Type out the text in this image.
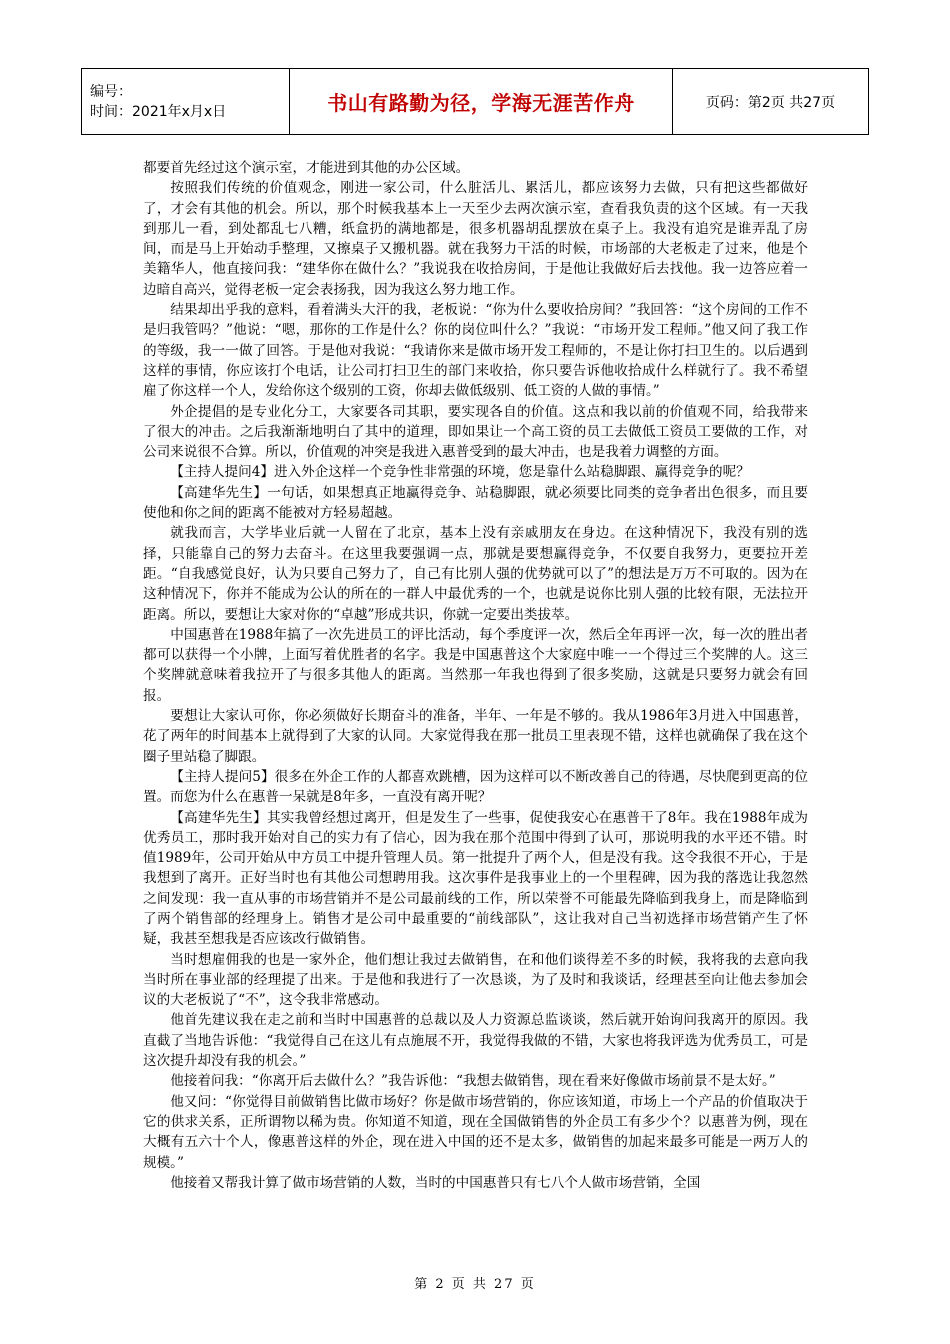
编号：
时间：2021年x月x日	书山有路勤为径，学海无涯苦作舟	页码：第2页 共27页

都要首先经过这个演示室，才能进到其他的办公区域。

按照我们传统的价值观念，刚进一家公司，什么脏活儿、累活儿，都应该努力去做，只有把这些都做好了，才会有其他的机会。所以，那个时候我基本上一天至少去两次演示室，查看我负责的这个区域。有一天我到那儿一看，到处都乱七八糟，纸盒扔的满地都是，很多机器胡乱摆放在桌子上。我没有追究是谁弄乱了房间，而是马上开始动手整理，又擦桌子又搬机器。就在我努力干活的时候，市场部的大老板走了过来，他是个美籍华人，他直接问我：“建华你在做什么？”我说我在收拾房间，于是他让我做好后去找他。我一边答应着一边暗自高兴，觉得老板一定会表扬我，因为我这么努力地工作。

结果却出乎我的意料，看着满头大汗的我，老板说：“你为什么要收拾房间？”我回答：“这个房间的工作不是归我管吗？”他说：“嗯，那你的工作是什么？你的岗位叫什么？”我说：“市场开发工程师。”他又问了我工作的等级，我一一做了回答。于是他对我说：“我请你来是做市场开发工程师的，不是让你打扫卫生的。以后遇到这样的事情，你应该打个电话，让公司打扫卫生的部门来收拾，你只要告诉他收拾成什么样就行了。我不希望雇了你这样一个人，发给你这个级别的工资，你却去做低级别、低工资的人做的事情。”

外企提倡的是专业化分工，大家要各司其职，要实现各自的价值。这点和我以前的价值观不同，给我带来了很大的冲击。之后我渐渐地明白了其中的道理，即如果让一个高工资的员工去做低工资员工要做的工作，对公司来说很不合算。所以，价值观的冲突是我进入惠普受到的最大冲击，也是我着力调整的方面。

【主持人提问4】进入外企这样一个竞争性非常强的环境，您是靠什么站稳脚跟、赢得竞争的呢？

【高建华先生】一句话，如果想真正地赢得竞争、站稳脚跟，就必须要比同类的竞争者出色很多，而且要使他和你之间的距离不能被对方轻易超越。

就我而言，大学毕业后就一人留在了北京，基本上没有亲戚朋友在身边。在这种情况下，我没有别的选择，只能靠自己的努力去奋斗。在这里我要强调一点，那就是要想赢得竞争，不仅要自我努力，更要拉开差距。“自我感觉良好，认为只要自己努力了，自己有比别人强的优势就可以了”的想法是万万不可取的。因为在这种情况下，你并不能成为公认的所在的一群人中最优秀的一个，也就是说你比别人强的比较有限，无法拉开距离。所以，要想让大家对你的“卓越”形成共识，你就一定要出类拔萃。

中国惠普在1988年搞了一次先进员工的评比活动，每个季度评一次，然后全年再评一次，每一次的胜出者都可以获得一个小牌，上面写着优胜者的名字。我是中国惠普这个大家庭中唯一一个得过三个奖牌的人。这三个奖牌就意味着我拉开了与很多其他人的距离。当然那一年我也得到了很多奖励，这就是只要努力就会有回报。

要想让大家认可你，你必须做好长期奋斗的准备，半年、一年是不够的。我从1986年3月进入中国惠普，花了两年的时间基本上就得到了大家的认同。大家觉得我在那一批员工里表现不错，这样也就确保了我在这个圈子里站稳了脚跟。

【主持人提问5】很多在外企工作的人都喜欢跳槽，因为这样可以不断改善自己的待遇，尽快爬到更高的位置。而您为什么在惠普一呆就是8年多，一直没有离开呢？

【高建华先生】其实我曾经想过离开，但是发生了一些事，促使我安心在惠普干了8年。我在1988年成为优秀员工，那时我开始对自己的实力有了信心，因为我在那个范围中得到了认可，那说明我的水平还不错。时值1989年，公司开始从中方员工中提升管理人员。第一批提升了两个人，但是没有我。这令我很不开心，于是我想到了离开。正好当时也有其他公司想聘用我。这次事件是我事业上的一个里程碑，因为我的落选让我忽然之间发现：我一直从事的市场营销并不是公司最前线的工作，所以荣誉不可能最先降临到我身上，而是降临到了两个销售部的经理身上。销售才是公司中最重要的“前线部队”，这让我对自己当初选择市场营销产生了怀疑，我甚至想我是否应该改行做销售。

当时想雇佣我的也是一家外企，他们想让我过去做销售，在和他们谈得差不多的时候，我将我的去意向我当时所在事业部的经理提了出来。于是他和我进行了一次恳谈，为了及时和我谈话，经理甚至向让他去参加会议的大老板说了“不”，这令我非常感动。

他首先建议我在走之前和当时中国惠普的总裁以及人力资源总监谈谈，然后就开始询问我离开的原因。我直截了当地告诉他：“我觉得自己在这儿有点施展不开，我觉得我做的不错，大家也将我评选为优秀员工，可是这次提升却没有我的机会。”

他接着问我：“你离开后去做什么？”我告诉他：“我想去做销售，现在看来好像做市场前景不是太好。”

他又问：“你觉得目前做销售比做市场好？你是做市场营销的，你应该知道，市场上一个产品的价值取决于它的供求关系，正所谓物以稀为贵。你知道不知道，现在全国做销售的外企员工有多少个？以惠普为例，现在大概有五六十个人，像惠普这样的外企，现在进入中国的还不是太多，做销售的加起来最多可能是一两万人的规模。”

他接着又帮我计算了做市场营销的人数，当时的中国惠普只有七八个人做市场营销，全国

第 2 页 共 27 页
